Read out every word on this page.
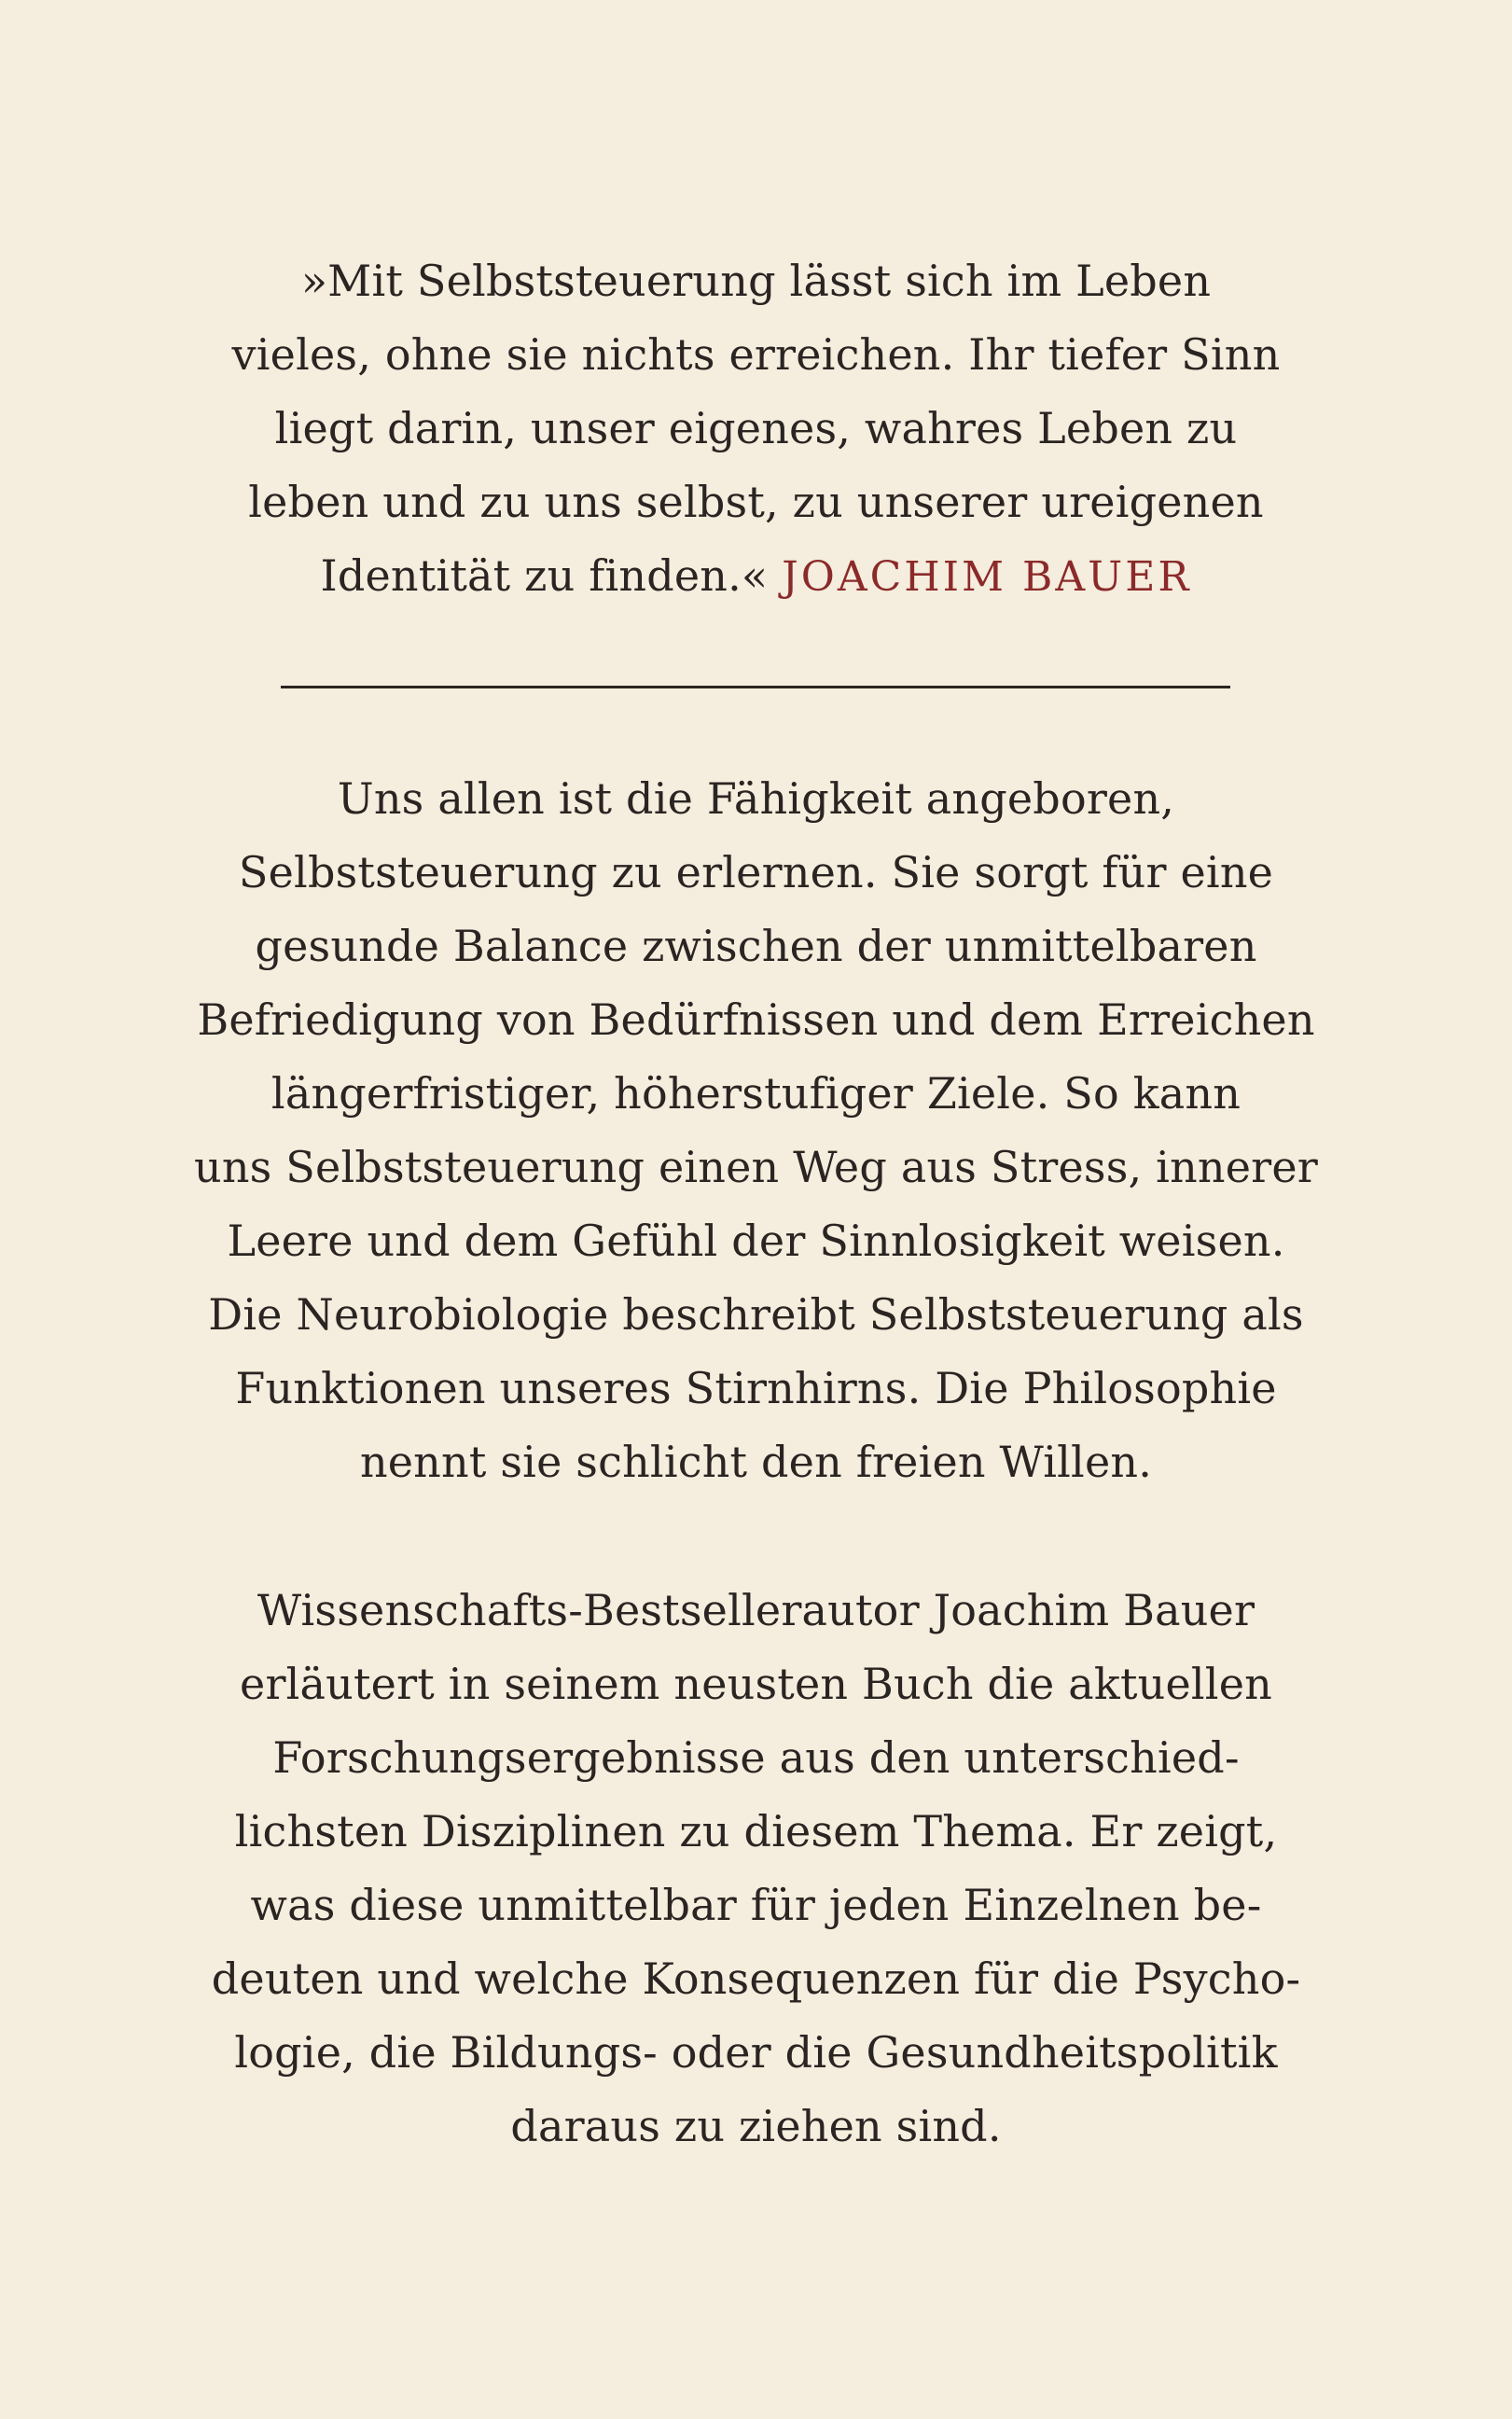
»Mit Selbststeuerung lässt sich im Leben
vieles, ohne sie nichts erreichen. Ihr tiefer Sinn
liegt darin, unser eigenes, wahres Leben zu
leben und zu uns selbst, zu unserer ureigenen
Identität zu finden.« JOACHIM BAUER
Uns allen ist die Fähigkeit angeboren,
Selbststeuerung zu erlernen. Sie sorgt für eine
gesunde Balance zwischen der unmittelbaren
Befriedigung von Bedürfnissen und dem Erreichen
längerfristiger, höherstufiger Ziele. So kann
uns Selbststeuerung einen Weg aus Stress, innerer
Leere und dem Gefühl der Sinnlosigkeit weisen.
Die Neurobiologie beschreibt Selbststeuerung als
Funktionen unseres Stirnhirns. Die Philosophie
nennt sie schlicht den freien Willen.
Wissenschafts-Bestsellerautor Joachim Bauer
erläutert in seinem neusten Buch die aktuellen
Forschungsergebnisse aus den unterschied-
lichsten Disziplinen zu diesem Thema. Er zeigt,
was diese unmittelbar für jeden Einzelnen be-
deuten und welche Konsequenzen für die Psycho-
logie, die Bildungs- oder die Gesundheitspolitik
daraus zu ziehen sind.
